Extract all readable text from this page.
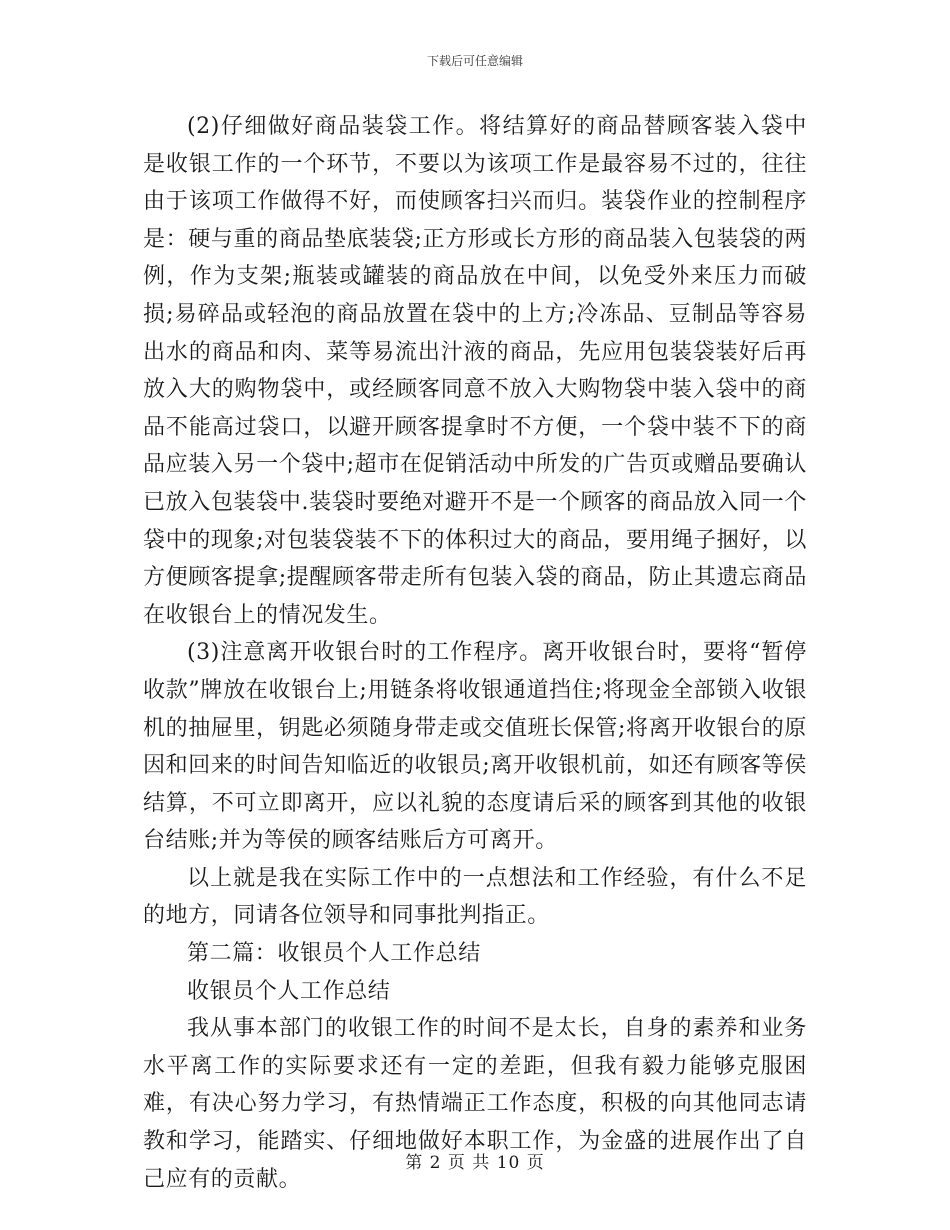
下载后可任意编辑

(2)仔细做好商品装袋工作。将结算好的商品替顾客装入袋中是收银工作的一个环节，不要以为该项工作是最容易不过的，往往由于该项工作做得不好，而使顾客扫兴而归。装袋作业的控制程序是：硬与重的商品垫底装袋;正方形或长方形的商品装入包装袋的两例，作为支架;瓶装或罐装的商品放在中间，以免受外来压力而破损;易碎品或轻泡的商品放置在袋中的上方;冷冻品、豆制品等容易出水的商品和肉、菜等易流出汁液的商品，先应用包装袋装好后再放入大的购物袋中，或经顾客同意不放入大购物袋中装入袋中的商品不能高过袋口，以避开顾客提拿时不方便，一个袋中装不下的商品应装入另一个袋中;超市在促销活动中所发的广告页或赠品要确认已放入包装袋中.装袋时要绝对避开不是一个顾客的商品放入同一个袋中的现象;对包装袋装不下的体积过大的商品，要用绳子捆好，以方便顾客提拿;提醒顾客带走所有包装入袋的商品，防止其遗忘商品在收银台上的情况发生。

(3)注意离开收银台时的工作程序。离开收银台时，要将“暂停收款”牌放在收银台上;用链条将收银通道挡住;将现金全部锁入收银机的抽屉里，钥匙必须随身带走或交值班长保管;将离开收银台的原因和回来的时间告知临近的收银员;离开收银机前，如还有顾客等侯结算，不可立即离开，应以礼貌的态度请后采的顾客到其他的收银台结账;并为等侯的顾客结账后方可离开。

以上就是我在实际工作中的一点想法和工作经验，有什么不足的地方，同请各位领导和同事批判指正。

第二篇：收银员个人工作总结

收银员个人工作总结

我从事本部门的收银工作的时间不是太长，自身的素养和业务水平离工作的实际要求还有一定的差距，但我有毅力能够克服困难，有决心努力学习，有热情端正工作态度，积极的向其他同志请教和学习，能踏实、仔细地做好本职工作，为金盛的进展作出了自己应有的贡献。

第 2 页 共 10 页
